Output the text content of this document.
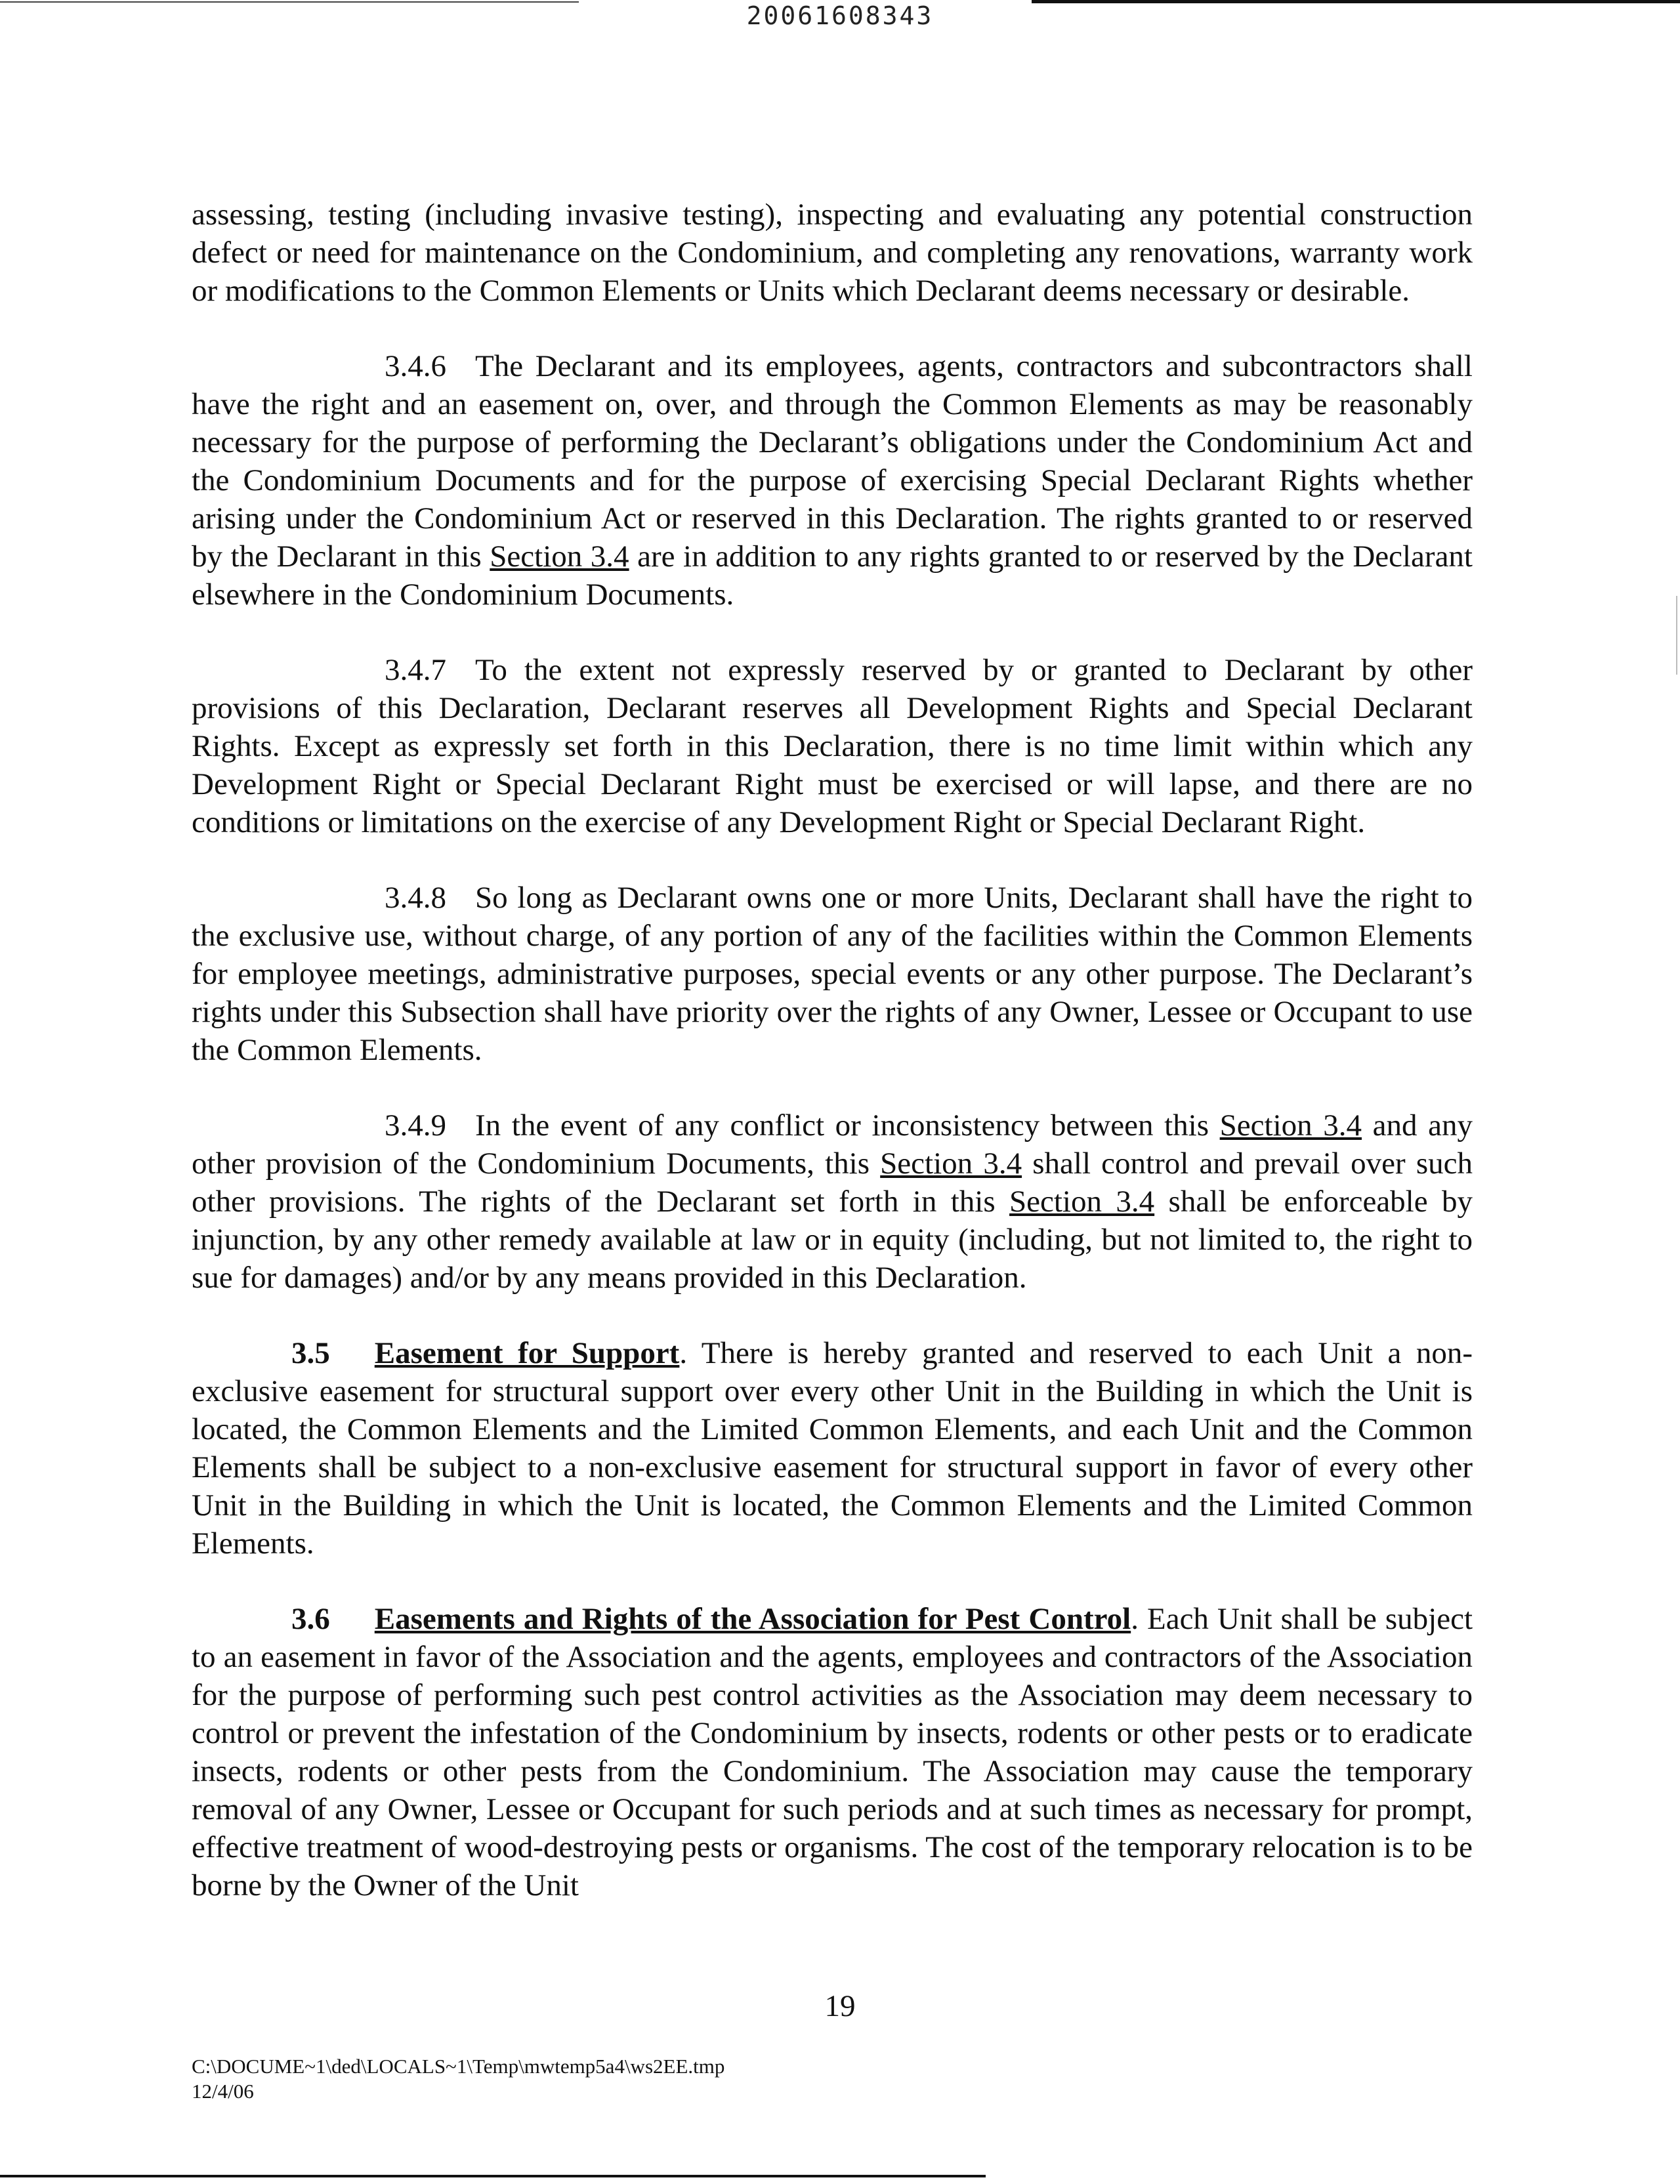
20061608343

assessing, testing (including invasive testing), inspecting and evaluating any potential construction defect or need for maintenance on the Condominium, and completing any renovations, warranty work or modifications to the Common Elements or Units which Declarant deems necessary or desirable.

3.4.6 The Declarant and its employees, agents, contractors and subcontractors shall have the right and an easement on, over, and through the Common Elements as may be reasonably necessary for the purpose of performing the Declarant’s obligations under the Condominium Act and the Condominium Documents and for the purpose of exercising Special Declarant Rights whether arising under the Condominium Act or reserved in this Declaration. The rights granted to or reserved by the Declarant in this Section 3.4 are in addition to any rights granted to or reserved by the Declarant elsewhere in the Condominium Documents.

3.4.7 To the extent not expressly reserved by or granted to Declarant by other provisions of this Declaration, Declarant reserves all Development Rights and Special Declarant Rights. Except as expressly set forth in this Declaration, there is no time limit within which any Development Right or Special Declarant Right must be exercised or will lapse, and there are no conditions or limitations on the exercise of any Development Right or Special Declarant Right.

3.4.8 So long as Declarant owns one or more Units, Declarant shall have the right to the exclusive use, without charge, of any portion of any of the facilities within the Common Elements for employee meetings, administrative purposes, special events or any other purpose. The Declarant’s rights under this Subsection shall have priority over the rights of any Owner, Lessee or Occupant to use the Common Elements.

3.4.9 In the event of any conflict or inconsistency between this Section 3.4 and any other provision of the Condominium Documents, this Section 3.4 shall control and prevail over such other provisions. The rights of the Declarant set forth in this Section 3.4 shall be enforceable by injunction, by any other remedy available at law or in equity (including, but not limited to, the right to sue for damages) and/or by any means provided in this Declaration.

3.5 Easement for Support. There is hereby granted and reserved to each Unit a non-exclusive easement for structural support over every other Unit in the Building in which the Unit is located, the Common Elements and the Limited Common Elements, and each Unit and the Common Elements shall be subject to a non-exclusive easement for structural support in favor of every other Unit in the Building in which the Unit is located, the Common Elements and the Limited Common Elements.

3.6 Easements and Rights of the Association for Pest Control. Each Unit shall be subject to an easement in favor of the Association and the agents, employees and contractors of the Association for the purpose of performing such pest control activities as the Association may deem necessary to control or prevent the infestation of the Condominium by insects, rodents or other pests or to eradicate insects, rodents or other pests from the Condominium. The Association may cause the temporary removal of any Owner, Lessee or Occupant for such periods and at such times as necessary for prompt, effective treatment of wood-destroying pests or organisms. The cost of the temporary relocation is to be borne by the Owner of the Unit

19
C:\DOCUME~1\ded\LOCALS~1\Temp\mwtemp5a4\ws2EE.tmp
12/4/06
